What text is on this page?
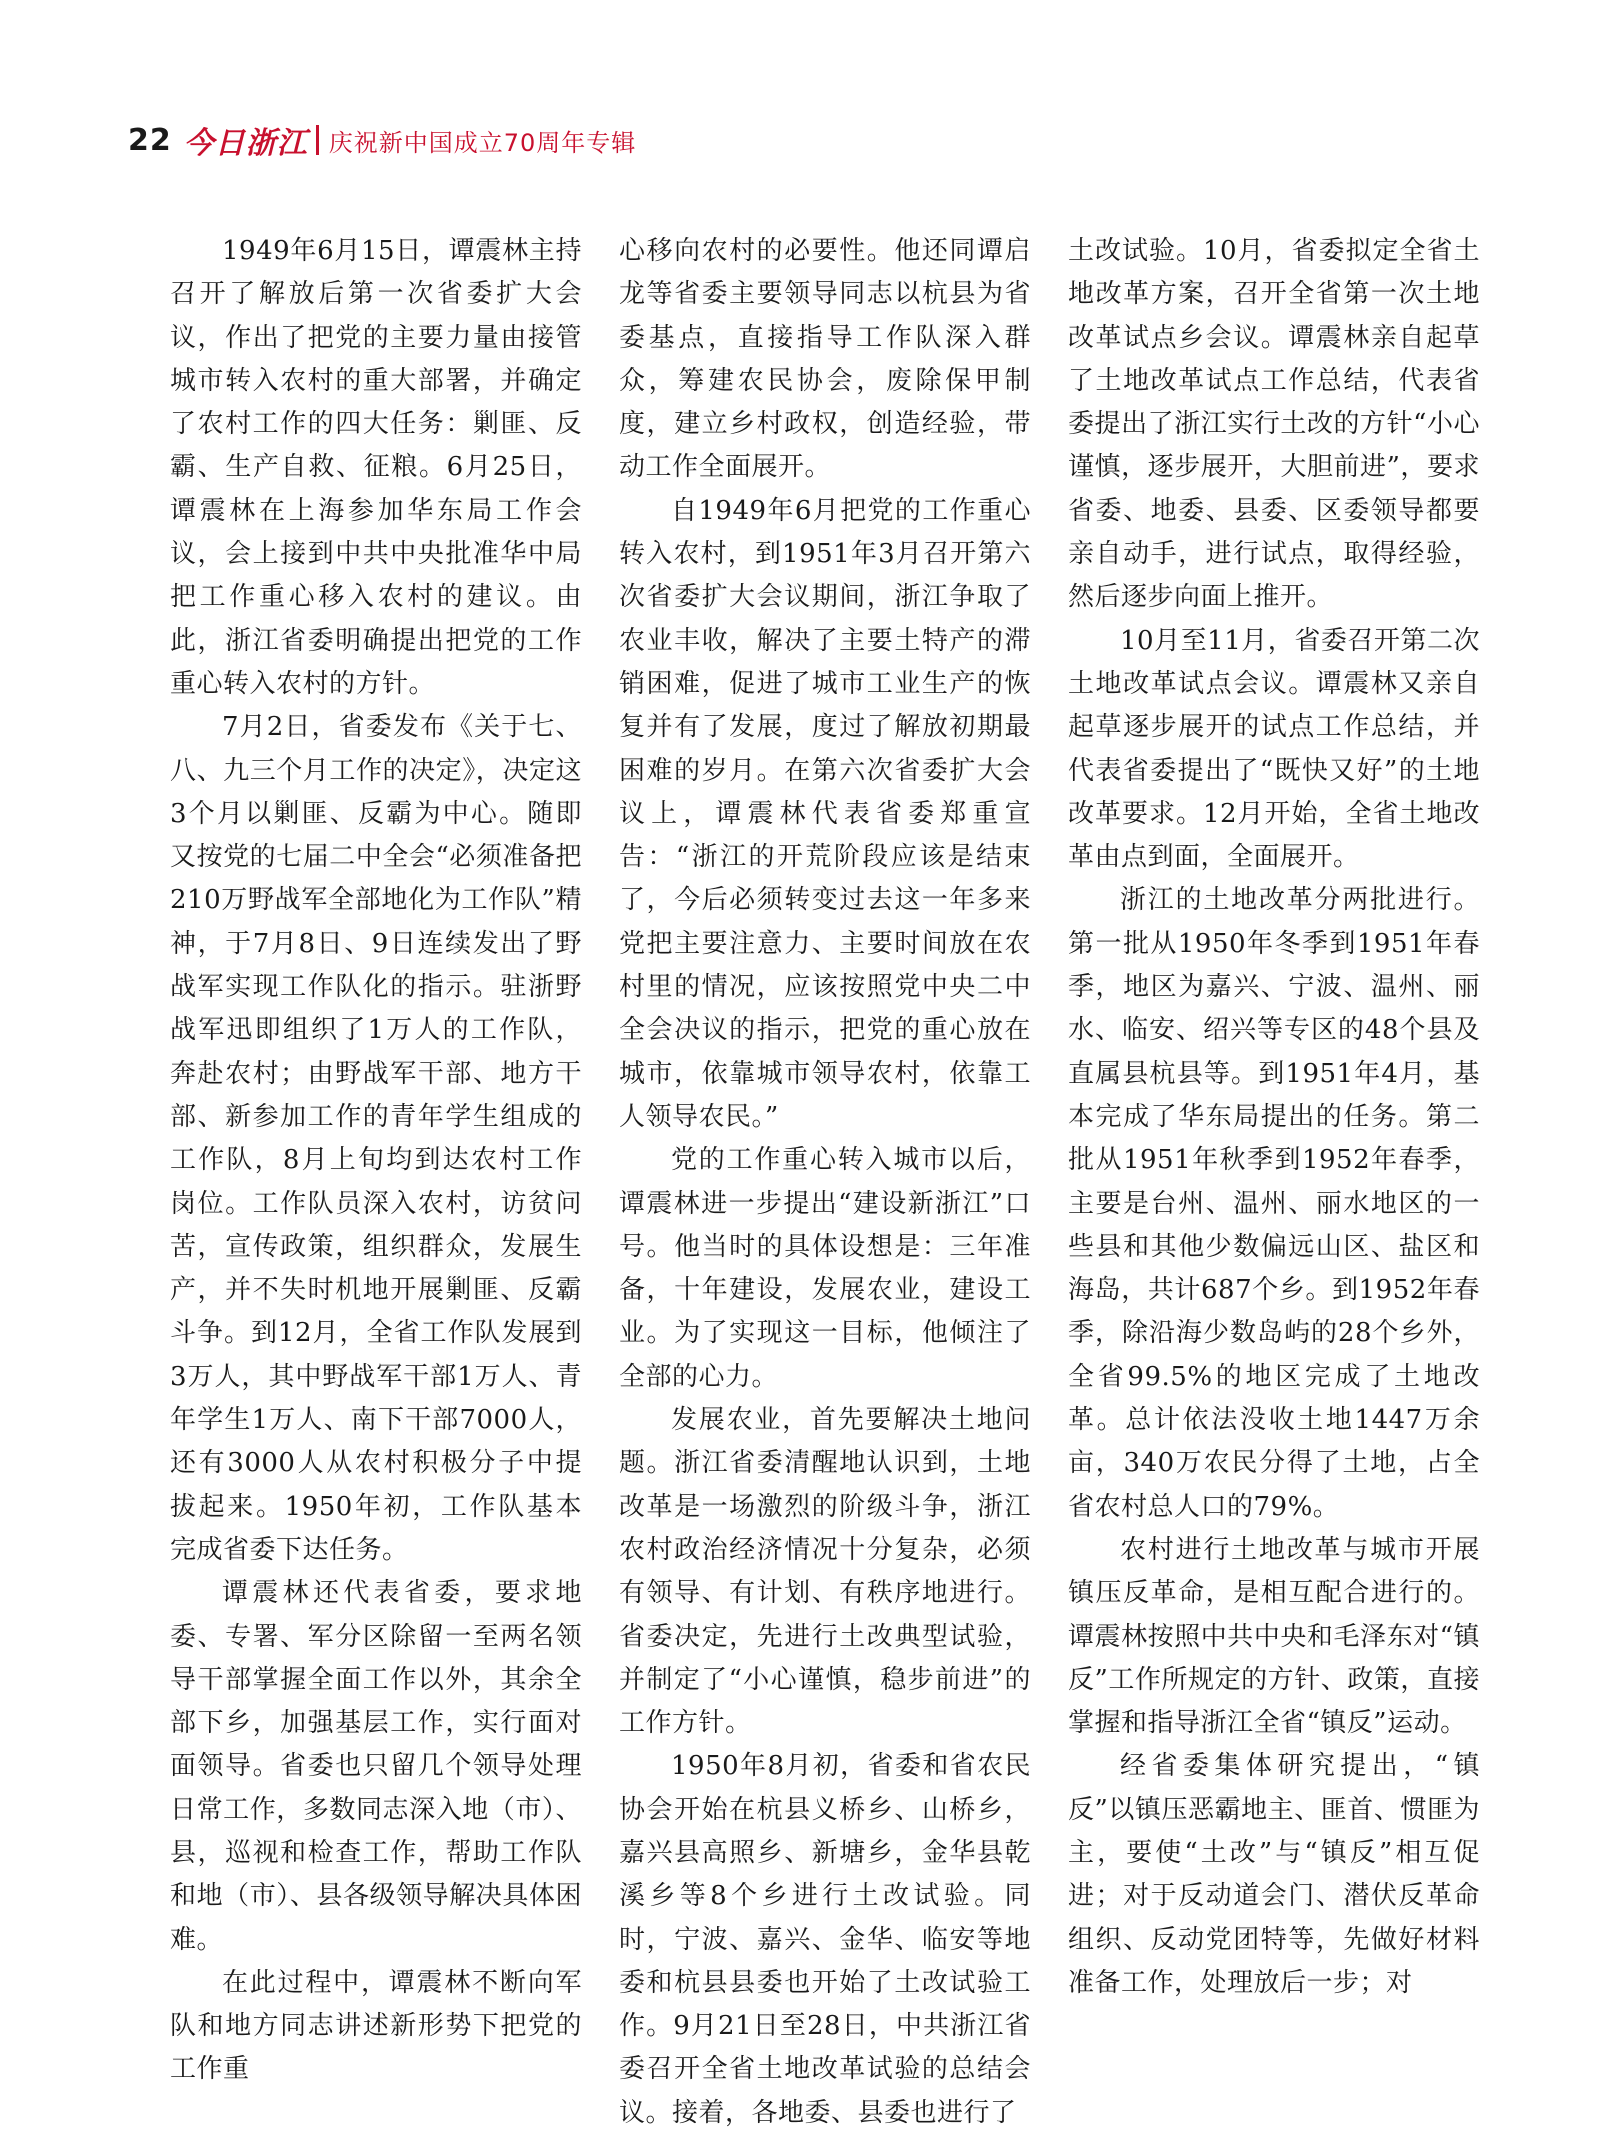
22 今日浙江 庆祝新中国成立70周年专辑

1949年6月15日，谭震林主持召开了解放后第一次省委扩大会议，作出了把党的主要力量由接管城市转入农村的重大部署，并确定了农村工作的四大任务：剿匪、反霸、生产自救、征粮。6月25日，谭震林在上海参加华东局工作会议，会上接到中共中央批准华中局把工作重心移入农村的建议。由此，浙江省委明确提出把党的工作重心转入农村的方针。

7月2日，省委发布《关于七、八、九三个月工作的决定》，决定这3个月以剿匪、反霸为中心。随即又按党的七届二中全会“必须准备把210万野战军全部地化为工作队”精神，于7月8日、9日连续发出了野战军实现工作队化的指示。驻浙野战军迅即组织了1万人的工作队，奔赴农村；由野战军干部、地方干部、新参加工作的青年学生组成的工作队，8月上旬均到达农村工作岗位。工作队员深入农村，访贫问苦，宣传政策，组织群众，发展生产，并不失时机地开展剿匪、反霸斗争。到12月，全省工作队发展到3万人，其中野战军干部1万人、青年学生1万人、南下干部7000人，还有3000人从农村积极分子中提拔起来。1950年初，工作队基本完成省委下达任务。

谭震林还代表省委，要求地委、专署、军分区除留一至两名领导干部掌握全面工作以外，其余全部下乡，加强基层工作，实行面对面领导。省委也只留几个领导处理日常工作，多数同志深入地（市）、县，巡视和检查工作，帮助工作队和地（市）、县各级领导解决具体困难。

在此过程中，谭震林不断向军队和地方同志讲述新形势下把党的工作重

心移向农村的必要性。他还同谭启龙等省委主要领导同志以杭县为省委基点，直接指导工作队深入群众，筹建农民协会，废除保甲制度，建立乡村政权，创造经验，带动工作全面展开。

自1949年6月把党的工作重心转入农村，到1951年3月召开第六次省委扩大会议期间，浙江争取了农业丰收，解决了主要土特产的滞销困难，促进了城市工业生产的恢复并有了发展，度过了解放初期最困难的岁月。在第六次省委扩大会议上，谭震林代表省委郑重宣告：“浙江的开荒阶段应该是结束了，今后必须转变过去这一年多来党把主要注意力、主要时间放在农村里的情况，应该按照党中央二中全会决议的指示，把党的重心放在城市，依靠城市领导农村，依靠工人领导农民。”

党的工作重心转入城市以后，谭震林进一步提出“建设新浙江”口号。他当时的具体设想是：三年准备，十年建设，发展农业，建设工业。为了实现这一目标，他倾注了全部的心力。

发展农业，首先要解决土地问题。浙江省委清醒地认识到，土地改革是一场激烈的阶级斗争，浙江农村政治经济情况十分复杂，必须有领导、有计划、有秩序地进行。省委决定，先进行土改典型试验，并制定了“小心谨慎，稳步前进”的工作方针。

1950年8月初，省委和省农民协会开始在杭县义桥乡、山桥乡，嘉兴县高照乡、新塘乡，金华县乾溪乡等8个乡进行土改试验。同时，宁波、嘉兴、金华、临安等地委和杭县县委也开始了土改试验工作。9月21日至28日，中共浙江省委召开全省土地改革试验的总结会议。接着，各地委、县委也进行了

土改试验。10月，省委拟定全省土地改革方案，召开全省第一次土地改革试点乡会议。谭震林亲自起草了土地改革试点工作总结，代表省委提出了浙江实行土改的方针“小心谨慎，逐步展开，大胆前进”，要求省委、地委、县委、区委领导都要亲自动手，进行试点，取得经验，然后逐步向面上推开。

10月至11月，省委召开第二次土地改革试点会议。谭震林又亲自起草逐步展开的试点工作总结，并代表省委提出了“既快又好”的土地改革要求。12月开始，全省土地改革由点到面，全面展开。

浙江的土地改革分两批进行。第一批从1950年冬季到1951年春季，地区为嘉兴、宁波、温州、丽水、临安、绍兴等专区的48个县及直属县杭县等。到1951年4月，基本完成了华东局提出的任务。第二批从1951年秋季到1952年春季，主要是台州、温州、丽水地区的一些县和其他少数偏远山区、盐区和海岛，共计687个乡。到1952年春季，除沿海少数岛屿的28个乡外，全省99.5%的地区完成了土地改革。总计依法没收土地1447万余亩，340万农民分得了土地，占全省农村总人口的79%。

农村进行土地改革与城市开展镇压反革命，是相互配合进行的。谭震林按照中共中央和毛泽东对“镇反”工作所规定的方针、政策，直接掌握和指导浙江全省“镇反”运动。

经省委集体研究提出，“镇反”以镇压恶霸地主、匪首、惯匪为主，要使“土改”与“镇反”相互促进；对于反动道会门、潜伏反革命组织、反动党团特等，先做好材料准备工作，处理放后一步；对
